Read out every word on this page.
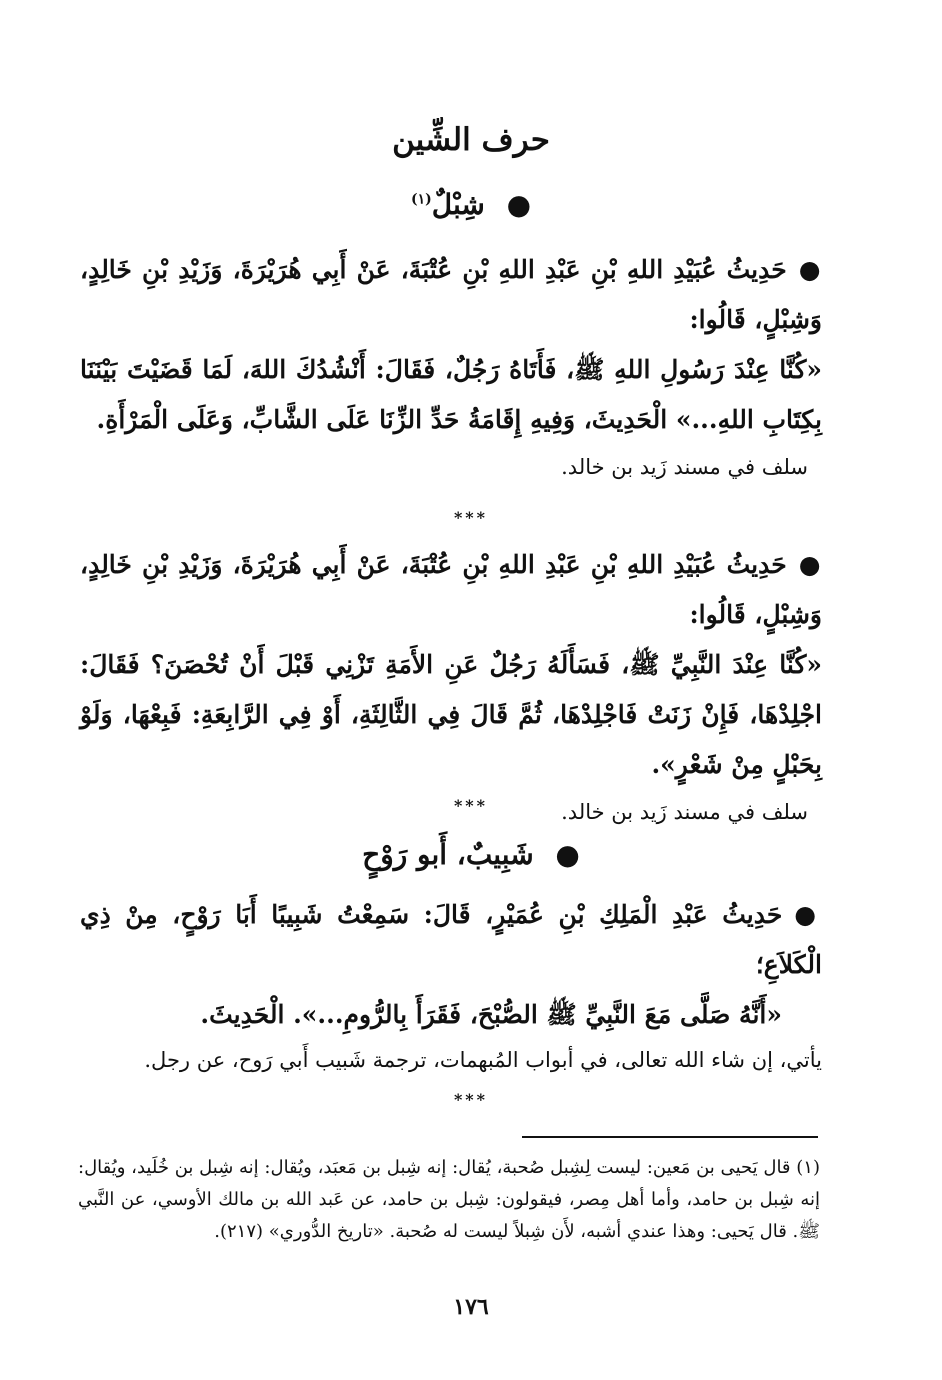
حرف الشِّين
● شِبْلٌ$^{(١)}$
●حَدِيثُ عُبَيْدِ اللهِ بْنِ عَبْدِ اللهِ بْنِ عُتْبَةَ، عَنْ أَبِي هُرَيْرَةَ، وَزَيْدِ بْنِ خَالِدٍ، وَشِبْلٍ، قَالُوا:
«كُنَّا عِنْدَ رَسُولِ اللهِ ﷺ، فَأَتَاهُ رَجُلٌ، فَقَالَ: أَنْشُدُكَ اللهَ، لَمَا قَضَيْتَ بَيْنَنَا بِكِتَابِ اللهِ...» الْحَدِيثَ، وَفِيهِ إِقَامَةُ حَدِّ الزِّنَا عَلَى الشَّابِّ، وَعَلَى الْمَرْأَةِ.
سلف في مسند زَيد بن خالد.
***
●حَدِيثُ عُبَيْدِ اللهِ بْنِ عَبْدِ اللهِ بْنِ عُتْبَةَ، عَنْ أَبِي هُرَيْرَةَ، وَزَيْدِ بْنِ خَالِدٍ، وَشِبْلٍ، قَالُوا:
«كُنَّا عِنْدَ النَّبِيِّ ﷺ، فَسَأَلَهُ رَجُلٌ عَنِ الأَمَةِ تَزْنِي قَبْلَ أَنْ تُحْصَنَ؟ فَقَالَ: اجْلِدْهَا، فَإِنْ زَنَتْ فَاجْلِدْهَا، ثُمَّ قَالَ فِي الثَّالِثَةِ، أَوْ فِي الرَّابِعَةِ: فَبِعْهَا، وَلَوْ بِحَبْلٍ مِنْ شَعْرٍ».
سلف في مسند زَيد بن خالد.
***
● شَبِيبٌ، أَبو رَوْحٍ
●حَدِيثُ عَبْدِ الْمَلِكِ بْنِ عُمَيْرٍ، قَالَ: سَمِعْتُ شَبِيبًا أَبَا رَوْحٍ، مِنْ ذِي الْكَلاَعِ؛
«أَنَّهُ صَلَّى مَعَ النَّبِيِّ ﷺ الصُّبْحَ، فَقَرَأَ بِالرُّومِ...». الْحَدِيثَ.
يأتي، إن شاء الله تعالى، في أبواب المُبهمات، ترجمة شَبيب أَبي رَوح، عن رجل.
***
(١) قال يَحيى بن مَعين: ليست لِشِبل صُحبة، يُقال: إنه شِبل بن مَعبَد، ويُقال: إنه شِبل بن خُلَيد، ويُقال: إنه شِبل بن حامد، وأما أهل مِصر، فيقولون: شِبل بن حامد، عن عَبد الله بن مالك الأوسي، عن النَّبي ﷺ. قال يَحيى: وهذا عندي أشبه، لأَن شِبلاً ليست له صُحبة. «تاريخ الدُّوري» (٢١٧).
١٧٦
